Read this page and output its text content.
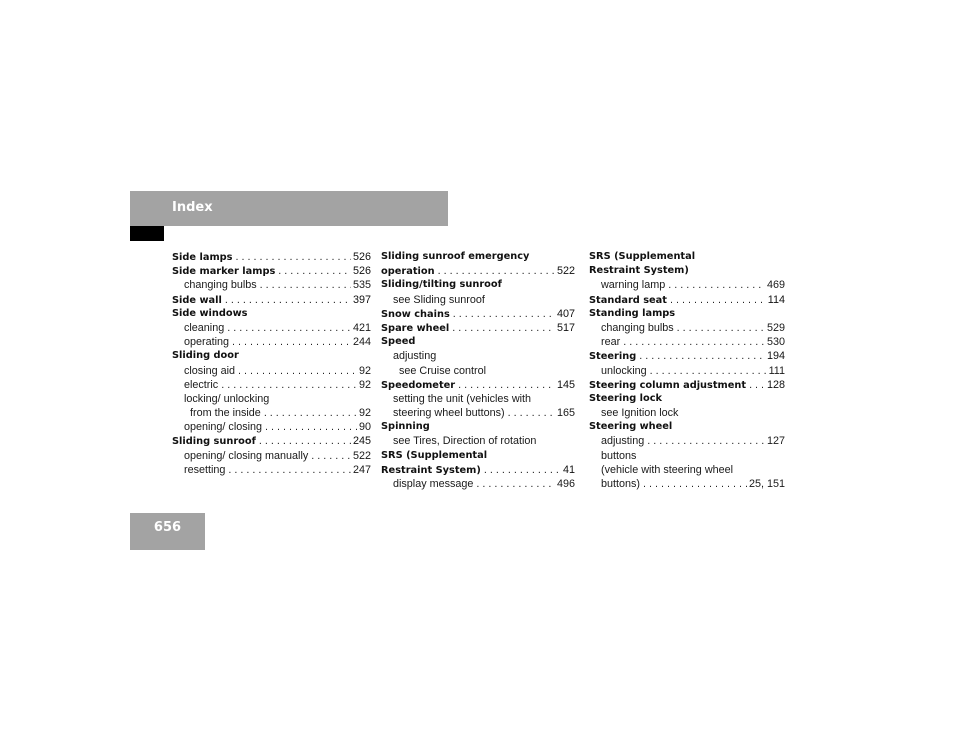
Index
Side lamps . . .	526
Side marker lamps . . .	526
changing bulbs . . .	535
Side wall . . .	397
Side windows
cleaning . . .	421
operating . . .	244
Sliding door
closing aid . . .	92
electric . . .	92
locking/ unlocking
from the inside . . .	92
opening/ closing . . .	90
Sliding sunroof . . .	245
opening/ closing manually . . .	522
resetting . . .	247
Sliding sunroof emergency
operation . . .	522
Sliding/tilting sunroof
see Sliding sunroof
Snow chains . . .	407
Spare wheel . . .	517
Speed
adjusting
see Cruise control
Speedometer . . .	145
setting the unit (vehicles with
steering wheel buttons) . . .	165
Spinning
see Tires, Direction of rotation
SRS (Supplemental
Restraint System) . . .	41
display message . . .	496
SRS (Supplemental
Restraint System)
warning lamp . . .	469
Standard seat . . .	114
Standing lamps
changing bulbs . . .	529
rear . . .	530
Steering . . .	194
unlocking . . .	111
Steering column adjustment . . . 128
Steering lock
see Ignition lock
Steering wheel
adjusting . . .	127
buttons
(vehicle with steering wheel
buttons) . . .	25, 151
656
